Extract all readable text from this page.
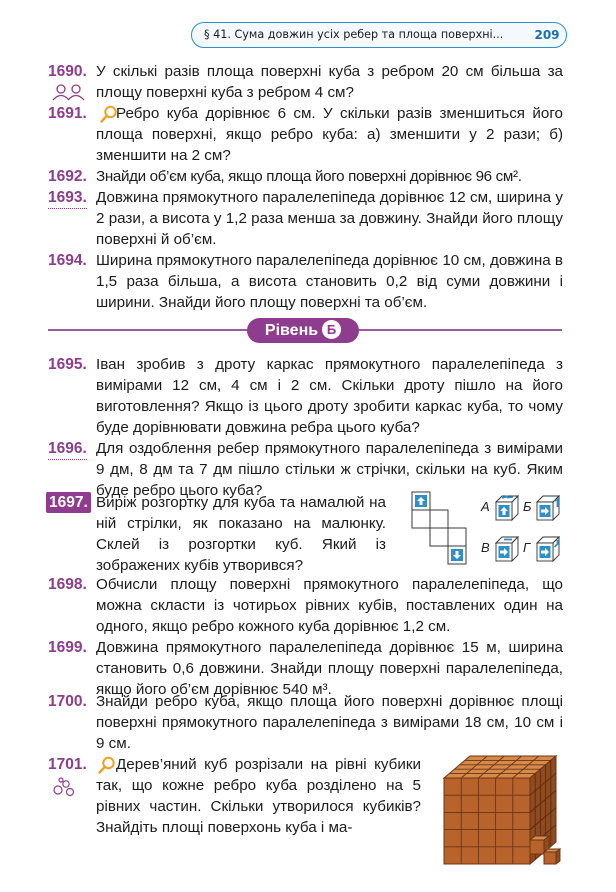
§ 41. Сума довжин усіх ребер та площа поверхні...	209
1690. У скількі разів площа поверхні куба з ребром 20 см більша за площу поверхні куба з ребром 4 см?
1691.	Ребро куба дорівнює 6 см. У скільки разів зменшиться його площа поверхні, якщо ребро куба: а) зменшити у 2 рази; б) зменшити на 2 см?
1692. Знайди об’єм куба, якщо площа його поверхні дорівнює 96 см².
1693. Довжина прямокутного паралелепіпеда дорівнює 12 см, ширина у 2 рази, а висота у 1,2 раза менша за довжину. Знайди його площу поверхні й об’єм.
1694. Ширина прямокутного паралелепіпеда дорівнює 10 см, довжина в 1,5 раза більша, а висота становить 0,2 від суми довжини і ширини. Знайди його площу поверхні та об’єм.
Рівень Б
1695. Іван зробив з дроту каркас прямокутного паралелепіпеда з вимірами 12 см, 4 см і 2 см. Скільки дроту пішло на його виготовлення? Якщо із цього дроту зробити каркас куба, то чому буде дорівнювати довжина ребра цього куба?
1696. Для оздоблення ребер прямокутного паралелепіпеда з вимірами 9 дм, 8 дм та 7 дм пішло стільки ж стрічки, скільки на куб. Яким буде ребро цього куба?
1697. Виріж розгортку для куба та намалюй на ній стрілки, як показано на малюнку. Склей із розгортки куб. Який із зображених кубів утворився?
А	Б
В	Г
1698. Обчисли площу поверхні прямокутного паралелепіпеда, що можна скласти із чотирьох рівних кубів, поставлених один на одного, якщо ребро кожного куба дорівнює 1,2 см.
1699. Довжина прямокутного паралелепіпеда дорівнює 15 м, ширина становить 0,6 довжини. Знайди площу поверхні паралелепіпеда, якщо його об’єм дорівнює 540 м³.
1700. Знайди ребро куба, якщо площа його поверхні дорівнює площі поверхні прямокутного паралелепіпеда з вимірами 18 см, 10 см і 9 см.
1701.	Дерев’яний куб розрізали на рівні кубики так, що кожне ребро куба розділено на 5 рівних частин. Скільки утворилося кубиків? Знайдіть площі поверхонь куба і ма-
